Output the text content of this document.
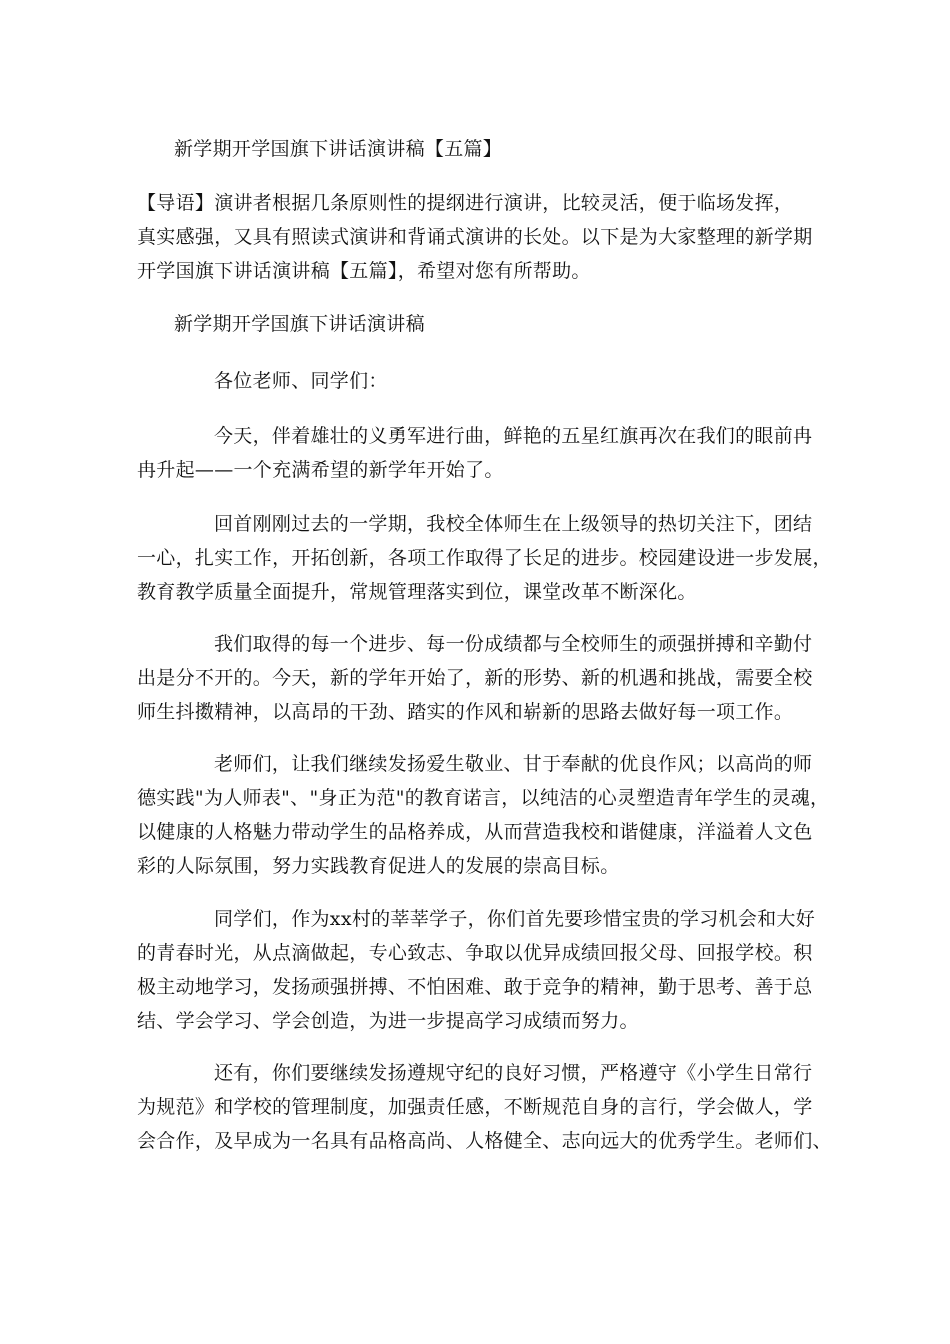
新学期开学国旗下讲话演讲稿【五篇】
【导语】演讲者根据几条原则性的提纲进行演讲，比较灵活，便于临场发挥，
真实感强，又具有照读式演讲和背诵式演讲的长处。以下是为大家整理的新学期
开学国旗下讲话演讲稿【五篇】，希望对您有所帮助。
新学期开学国旗下讲话演讲稿
各位老师、同学们：
今天，伴着雄壮的义勇军进行曲，鲜艳的五星红旗再次在我们的眼前冉
冉升起——一个充满希望的新学年开始了。
回首刚刚过去的一学期，我校全体师生在上级领导的热切关注下，团结
一心，扎实工作，开拓创新，各项工作取得了长足的进步。校园建设进一步发展，
教育教学质量全面提升，常规管理落实到位，课堂改革不断深化。
我们取得的每一个进步、每一份成绩都与全校师生的顽强拼搏和辛勤付
出是分不开的。今天，新的学年开始了，新的形势、新的机遇和挑战，需要全校
师生抖擞精神，以高昂的干劲、踏实的作风和崭新的思路去做好每一项工作。
老师们，让我们继续发扬爱生敬业、甘于奉献的优良作风；以高尚的师
德实践"为人师表"、"身正为范"的教育诺言，以纯洁的心灵塑造青年学生的灵魂，
以健康的人格魅力带动学生的品格养成，从而营造我校和谐健康，洋溢着人文色
彩的人际氛围，努力实践教育促进人的发展的崇高目标。
同学们，作为xx村的莘莘学子，你们首先要珍惜宝贵的学习机会和大好
的青春时光，从点滴做起，专心致志、争取以优异成绩回报父母、回报学校。积
极主动地学习，发扬顽强拼搏、不怕困难、敢于竞争的精神，勤于思考、善于总
结、学会学习、学会创造，为进一步提高学习成绩而努力。
还有，你们要继续发扬遵规守纪的良好习惯，严格遵守《小学生日常行
为规范》和学校的管理制度，加强责任感，不断规范自身的言行，学会做人，学
会合作，及早成为一名具有品格高尚、人格健全、志向远大的优秀学生。老师们、
